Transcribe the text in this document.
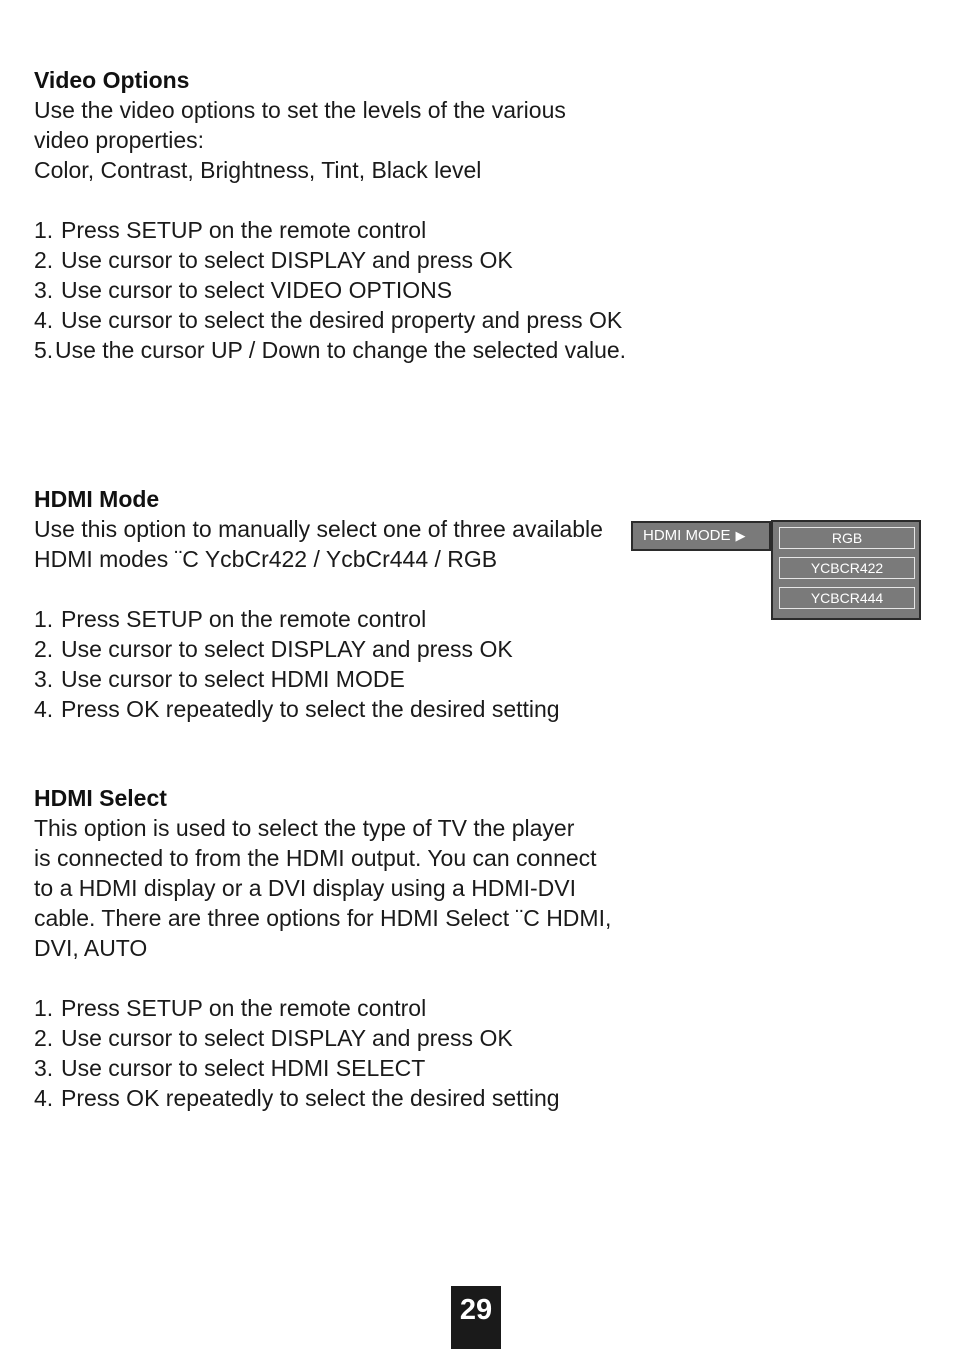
Video Options
Use the video options to set the levels of the various
video properties:
Color, Contrast, Brightness, Tint, Black level
1. Press SETUP on the remote control
2. Use cursor to select DISPLAY and press OK
3. Use cursor to select VIDEO OPTIONS
4. Use cursor to select the desired property and press OK
5. Use the cursor UP / Down to change the selected value.
HDMI Mode
Use this option to manually select one of three available
HDMI modes ¨C YcbCr422 / YcbCr444 / RGB
1. Press SETUP on the remote control
2. Use cursor to select DISPLAY and press OK
3. Use cursor to select HDMI MODE
4. Press OK repeatedly to select the desired setting
HDMI MODE ▶	RGB
YCBCR422
YCBCR444
HDMI Select
This option is used to select the type of TV the player
is connected to from the HDMI output. You can connect
to a HDMI display or a DVI display using a HDMI-DVI
cable. There are three options for HDMI Select ¨C HDMI,
DVI, AUTO
1. Press SETUP on the remote control
2. Use cursor to select DISPLAY and press OK
3. Use cursor to select HDMI SELECT
4. Press OK repeatedly to select the desired setting
29
